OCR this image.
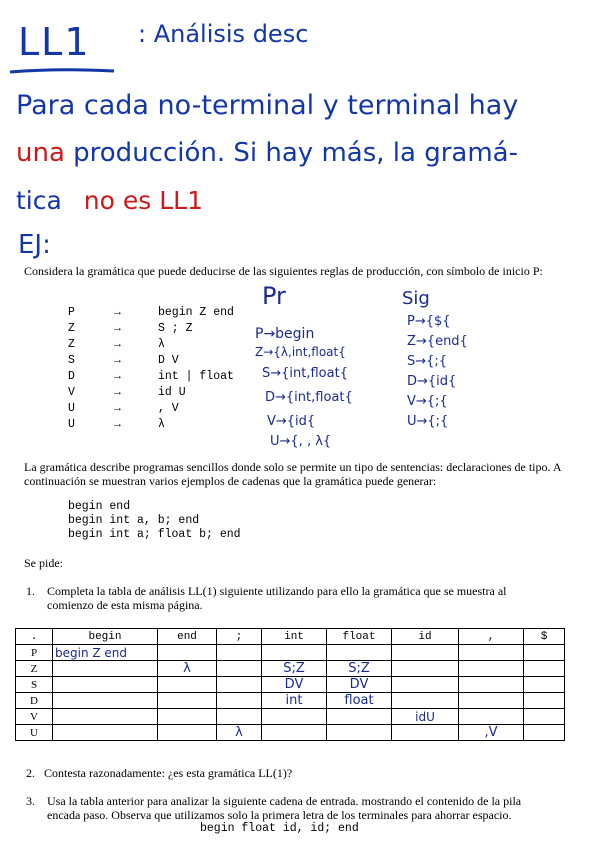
LL1 : Análisis desc
Para cada no-terminal y terminal hay
una producción. Si hay más, la gramá-
tica no es LL1
EJ:
Considera la gramática que puede deducirse de las siguientes reglas de producción, con símbolo de inicio P:
P	→	begin Z end
Z	→	S ; Z
Z	→	λ
S	→	D V
D	→	int | float
V	→	id U
U	→	, V
U	→	λ
Pr
P→begin
Z→{λ,int,float{
S→{int,float{
D→{int,float{
V→{id{
U→{, , λ{
Sig
P→{${
Z→{end{
S→{;{
D→{id{
V→{;{
U→{;{
La gramática describe programas sencillos donde solo se permite un tipo de sentencias: declaraciones de tipo. A continuación se muestran varios ejemplos de cadenas que la gramática puede generar:
begin end
begin int a, b; end
begin int a; float b; end
Se pide:
1. Completa la tabla de análisis LL(1) siguiente utilizando para ello la gramática que se muestra al comienzo de esta misma página.
.	begin	end	;	int	float	id	,	$
P	begin Z end							
Z		λ		S;Z	S;Z			
S				DV	DV			
D				int	float			
V						idU		
U			λ				,V	
2. Contesta razonadamente: ¿es esta gramática LL(1)?
3. Usa la tabla anterior para analizar la siguiente cadena de entrada. mostrando el contenido de la pila encada paso. Observa que utilizamos solo la primera letra de los terminales para ahorrar espacio.
begin float id, id; end
